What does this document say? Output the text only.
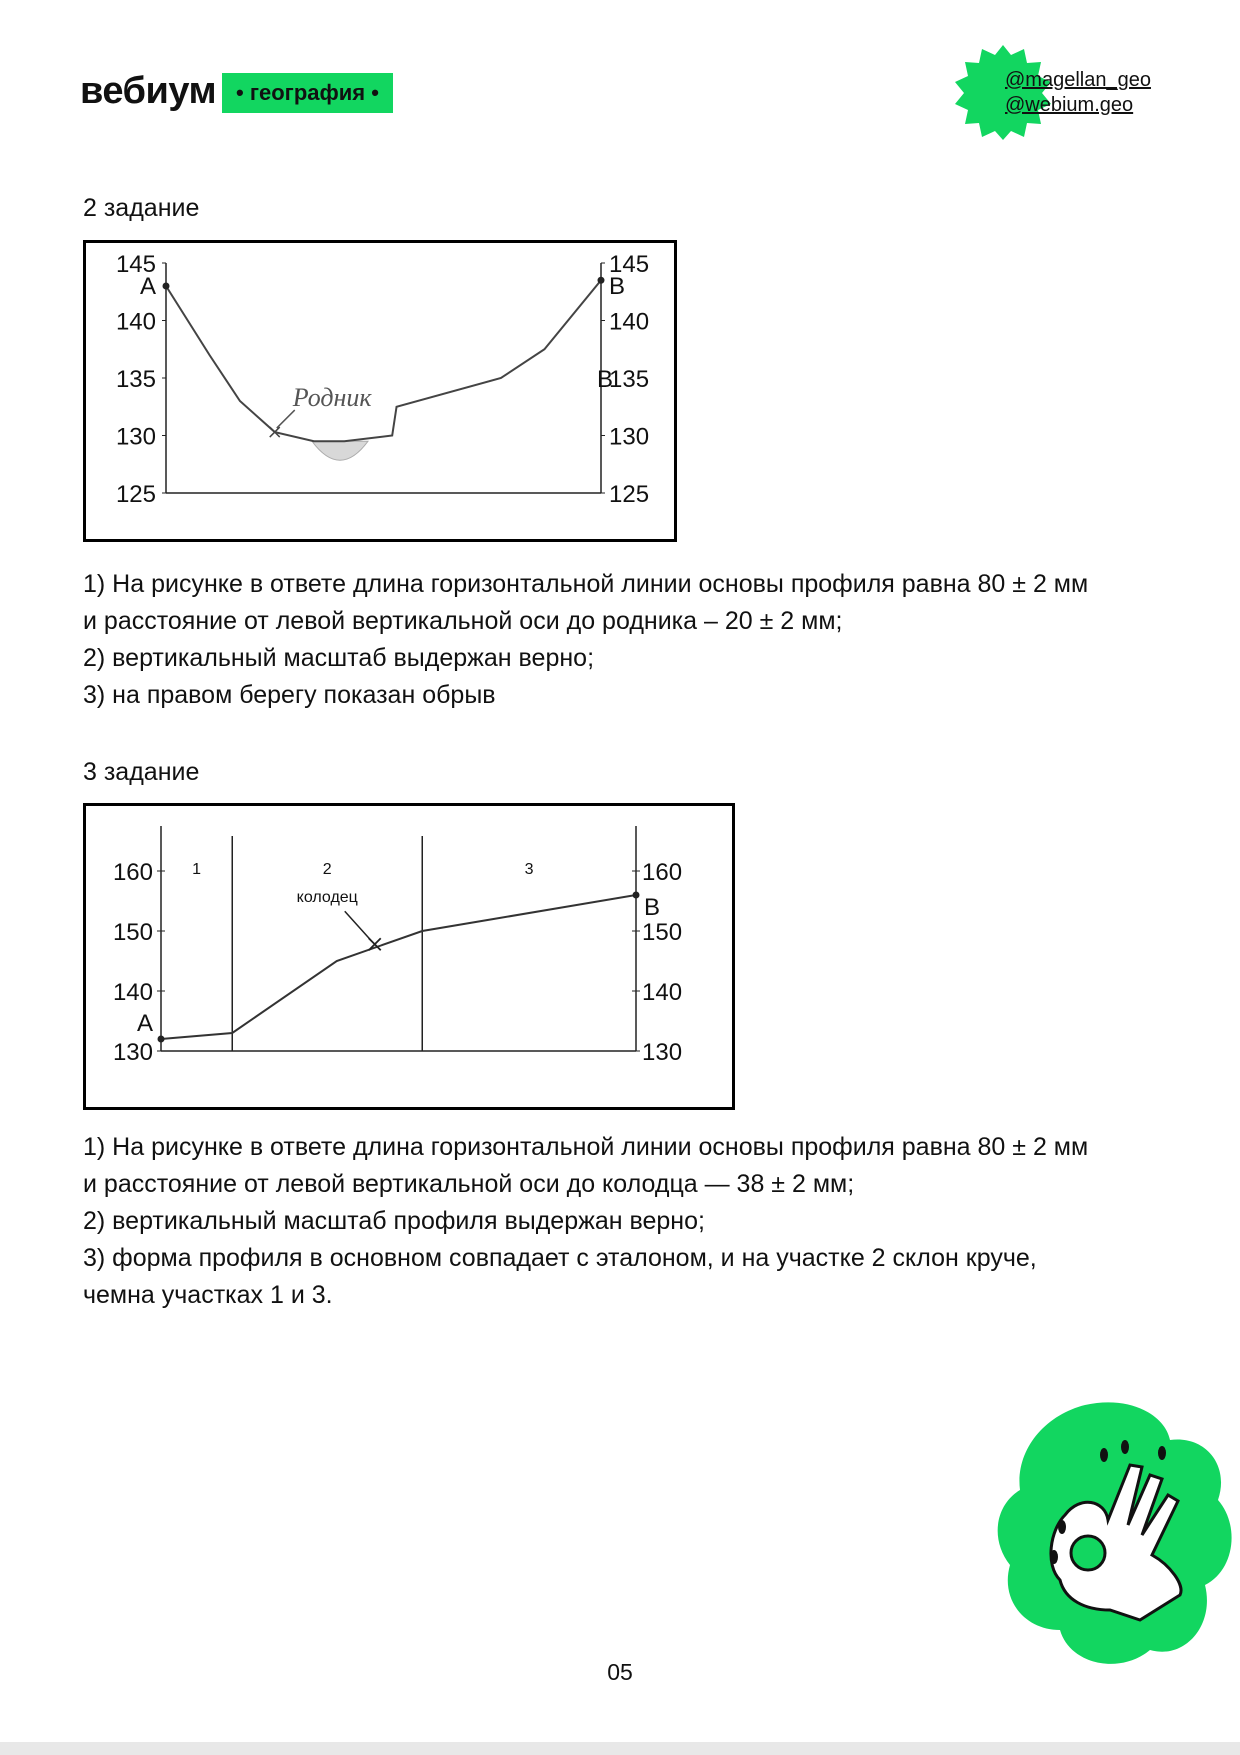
вебиум • география •	@magellan_geo
@webium.geo
2 задание
145
140
135
130
125
145
140
135
130
125
B
A	B
Родник

1) На рисунке в ответе длина горизонтальной линии основы профиля равна 80 ± 2 мм

и расстояние от левой вертикальной оси до родника – 20 ± 2 мм;

2) вертикальный масштаб выдержан верно;

3) на правом берегу показан обрыв

3 задание
1	2	3
160
150
140
130
160
150
140
130
A
B
колодец

1) На рисунке в ответе длина горизонтальной линии основы профиля равна 80 ± 2 мм

и расстояние от левой вертикальной оси до колодца — 38 ± 2 мм;

2) вертикальный масштаб профиля выдержан верно;

3) форма профиля в основном совпадает с эталоном, и на участке 2 склон круче,

чемна участках 1 и 3.

05
